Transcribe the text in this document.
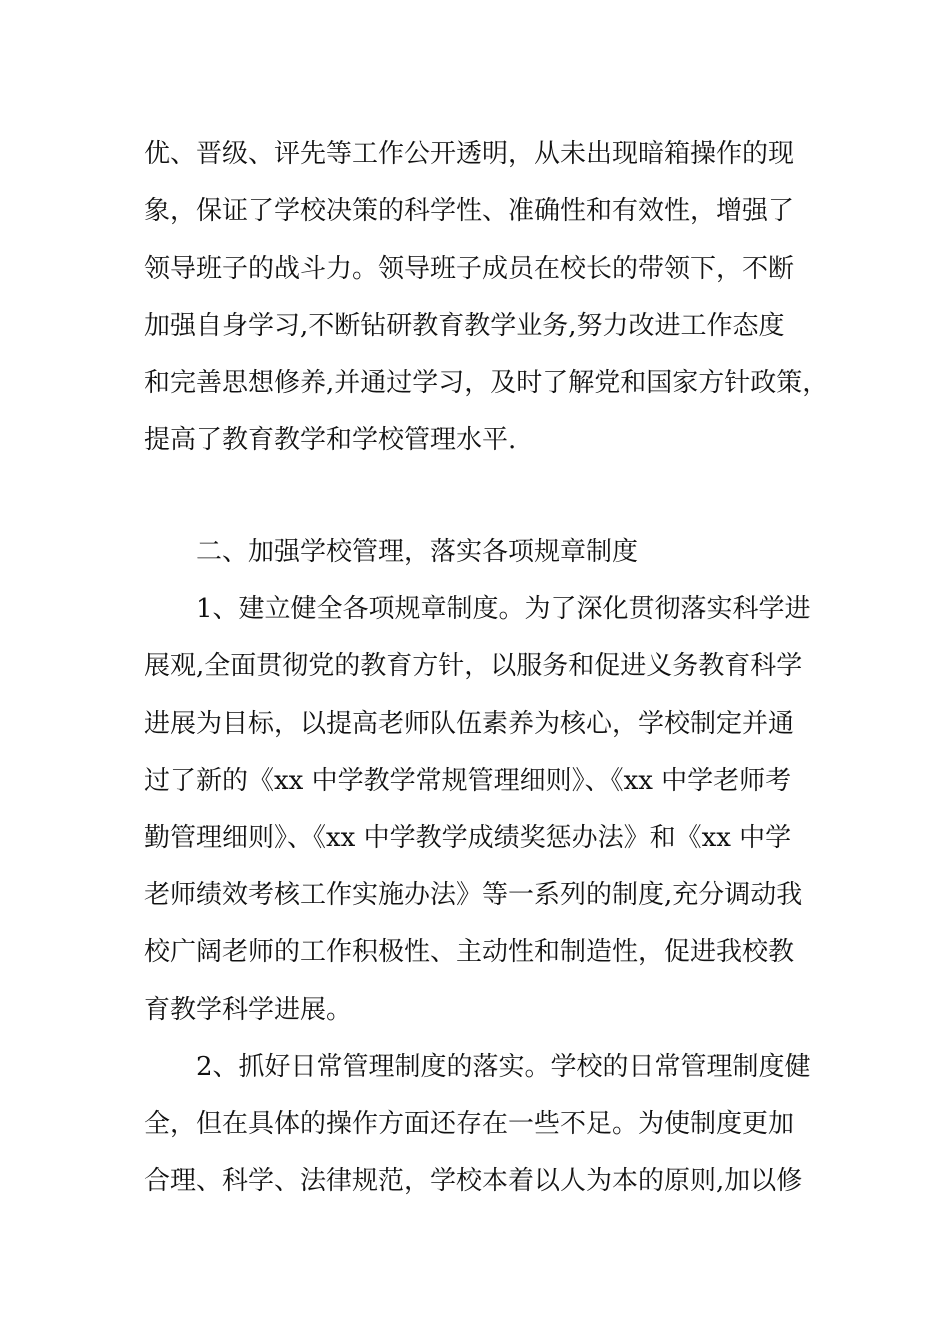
优、晋级、评先等工作公开透明，从未出现暗箱操作的现
象，保证了学校决策的科学性、准确性和有效性，增强了
领导班子的战斗力。领导班子成员在校长的带领下，不断
加强自身学习,不断钻研教育教学业务,努力改进工作态度
和完善思想修养,并通过学习，及时了解党和国家方针政策，
提高了教育教学和学校管理水平.
二、加强学校管理，落实各项规章制度
1、建立健全各项规章制度。为了深化贯彻落实科学进
展观,全面贯彻党的教育方针，以服务和促进义务教育科学
进展为目标，以提高老师队伍素养为核心，学校制定并通
过了新的《xx 中学教学常规管理细则》、《xx 中学老师考
勤管理细则》、《xx 中学教学成绩奖惩办法》和《xx 中学
老师绩效考核工作实施办法》等一系列的制度,充分调动我
校广阔老师的工作积极性、主动性和制造性，促进我校教
育教学科学进展。
2、抓好日常管理制度的落实。学校的日常管理制度健
全，但在具体的操作方面还存在一些不足。为使制度更加
合理、科学、法律规范，学校本着以人为本的原则,加以修
